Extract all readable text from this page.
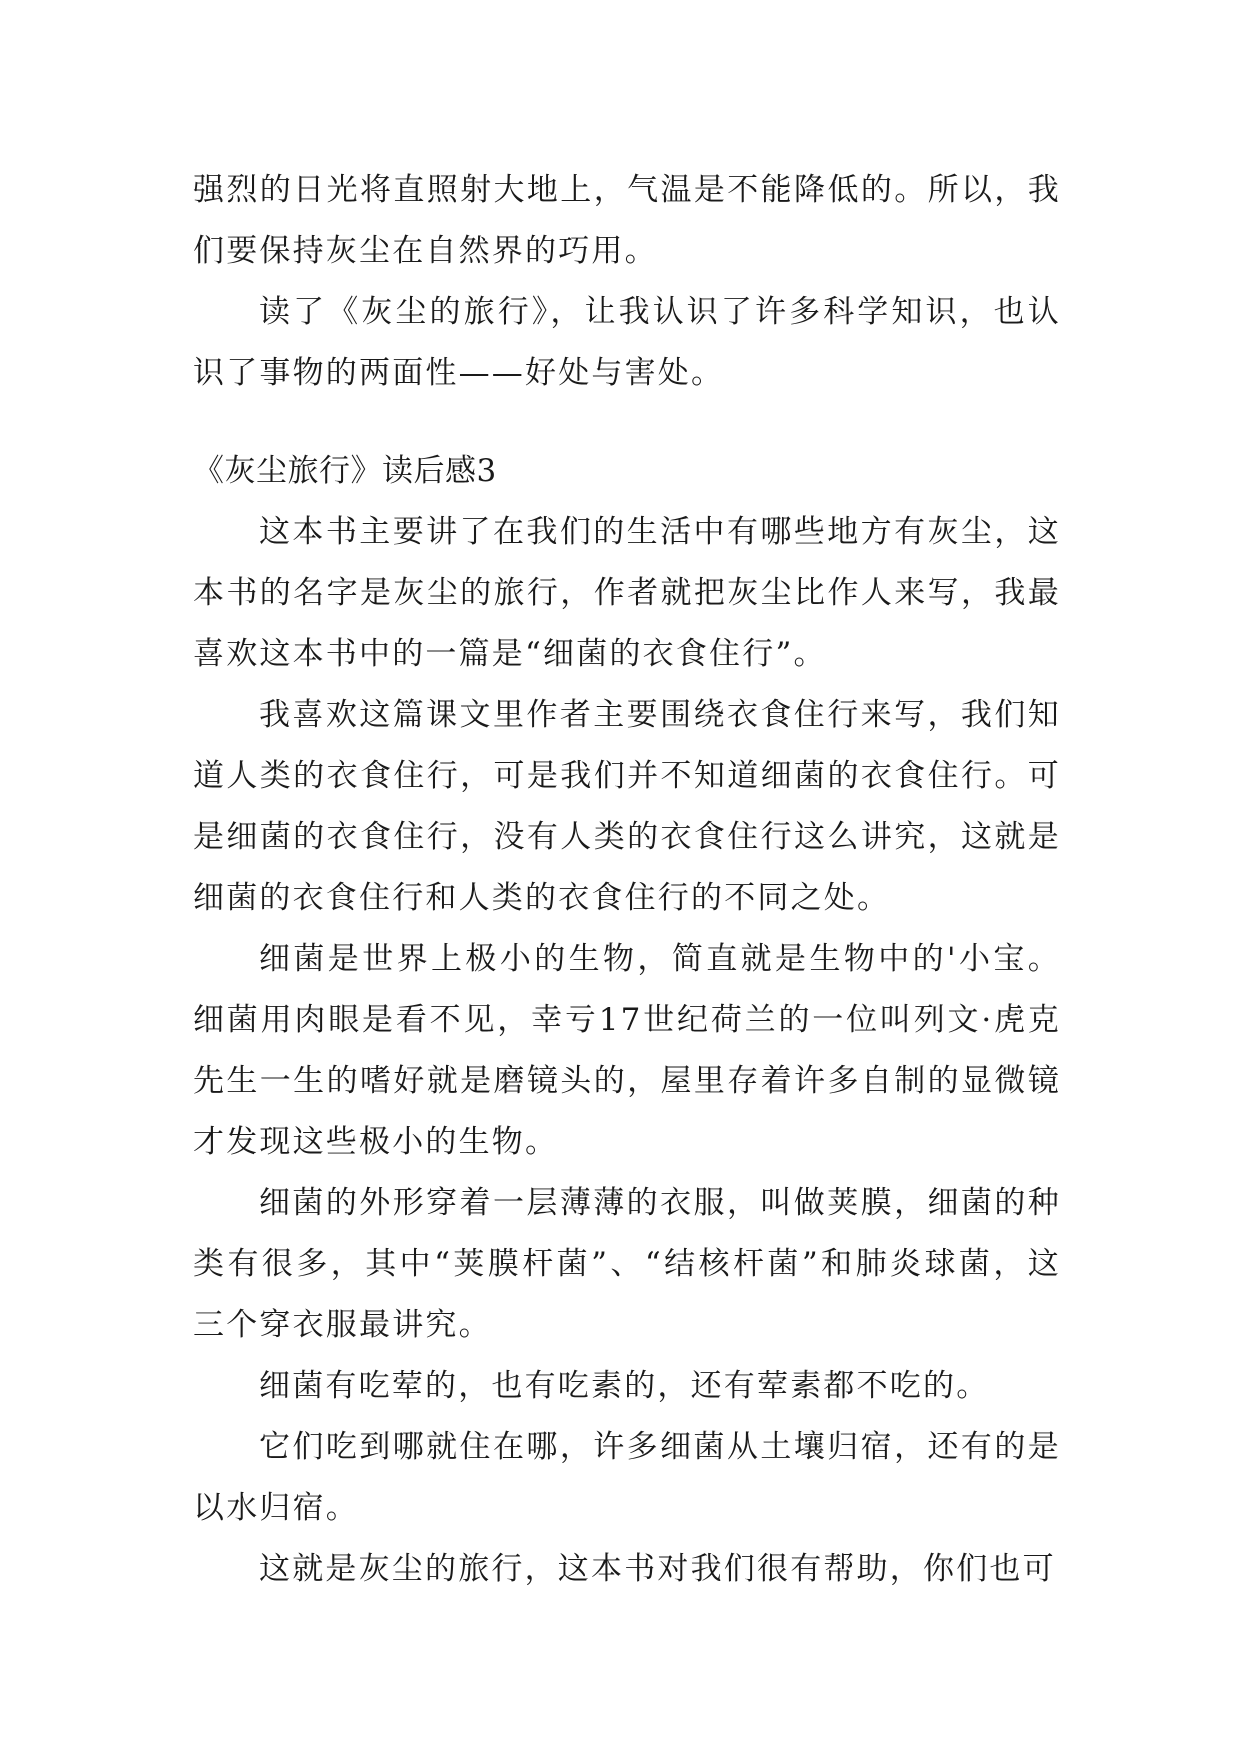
强烈的日光将直照射大地上，气温是不能降低的。所以，我们要保持灰尘在自然界的巧用。

读了《灰尘的旅行》，让我认识了许多科学知识，也认识了事物的两面性——好处与害处。

《灰尘旅行》读后感3

这本书主要讲了在我们的生活中有哪些地方有灰尘，这本书的名字是灰尘的旅行，作者就把灰尘比作人来写，我最喜欢这本书中的一篇是“细菌的衣食住行”。

我喜欢这篇课文里作者主要围绕衣食住行来写，我们知道人类的衣食住行，可是我们并不知道细菌的衣食住行。可是细菌的衣食住行，没有人类的衣食住行这么讲究，这就是细菌的衣食住行和人类的衣食住行的不同之处。

细菌是世界上极小的生物，简直就是生物中的'小宝。细菌用肉眼是看不见，幸亏17世纪荷兰的一位叫列文·虎克先生一生的嗜好就是磨镜头的，屋里存着许多自制的显微镜才发现这些极小的生物。

细菌的外形穿着一层薄薄的衣服，叫做荚膜，细菌的种类有很多，其中“荚膜杆菌”、“结核杆菌”和肺炎球菌，这三个穿衣服最讲究。

细菌有吃荤的，也有吃素的，还有荤素都不吃的。

它们吃到哪就住在哪，许多细菌从土壤归宿，还有的是以水归宿。

这就是灰尘的旅行，这本书对我们很有帮助，你们也可
